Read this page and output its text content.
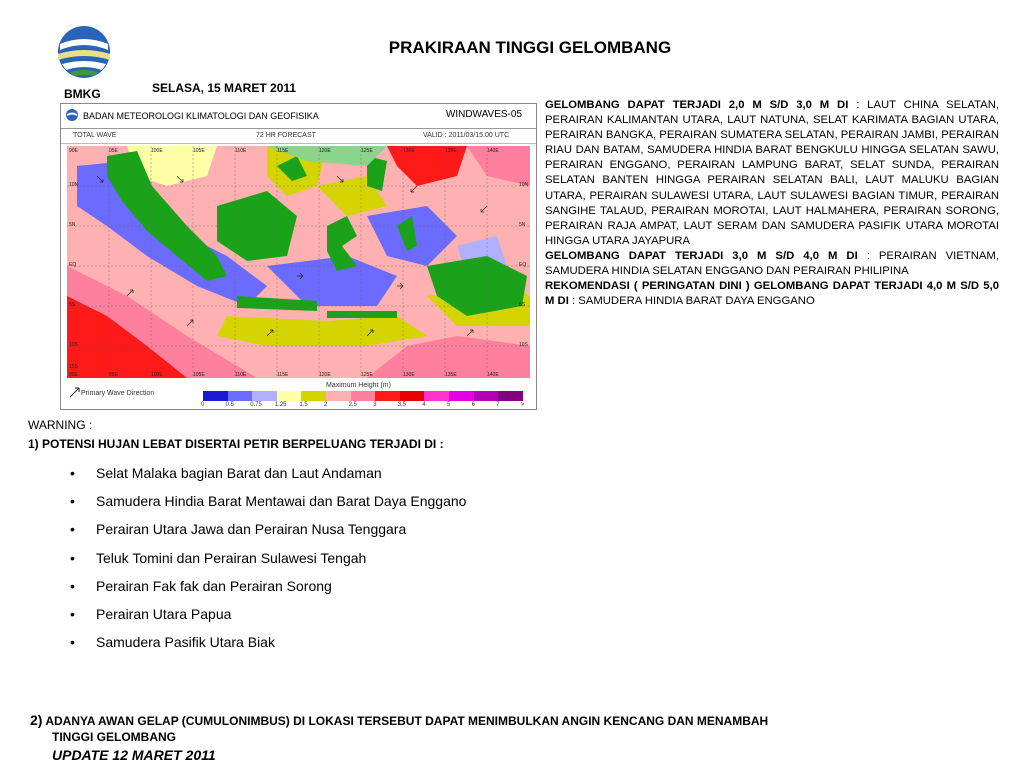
BMKG
PRAKIRAAN TINGGI GELOMBANG
SELASA, 15 MARET 2011
BADAN METEOROLOGI KLIMATOLOGI DAN GEOFISIKA	WINDWAVES-05
TOTAL WAVE	72 HR FORECAST	VALID : 2011/03/15.00 UTC
90E	95E	100E	105E	110E	115E	120E	125E	130E	135E	140E
90E	95E	100E	105E	110E	115E	120E	125E	130E	135E	140E
10N
5N
EQ
5S
10S
15S
10N
5N
EQ
5S
10S
Primary Wave Direction
Maximum Height (m)
0	0.5	0.75 1.25 1.5	2	2.5	3	3.5	4	5	6	7	>

GELOMBANG DAPAT TERJADI 2,0 M S/D 3,0 M DI : LAUT CHINA SELATAN, PERAIRAN KALIMANTAN UTARA, LAUT NATUNA, SELAT KARIMATA BAGIAN UTARA, PERAIRAN BANGKA, PERAIRAN SUMATERA SELATAN, PERAIRAN JAMBI, PERAIRAN RIAU DAN BATAM, SAMUDERA HINDIA BARAT BENGKULU HINGGA SELATAN SAWU, PERAIRAN ENGGANO, PERAIRAN LAMPUNG BARAT, SELAT SUNDA, PERAIRAN SELATAN BANTEN HINGGA PERAIRAN SELATAN BALI, LAUT MALUKU BAGIAN UTARA, PERAIRAN SULAWESI UTARA, LAUT SULAWESI BAGIAN TIMUR, PERAIRAN SANGIHE TALAUD, PERAIRAN MOROTAI, LAUT HALMAHERA, PERAIRAN SORONG, PERAIRAN RAJA AMPAT, LAUT SERAM DAN SAMUDERA PASIFIK UTARA MOROTAI HINGGA UTARA JAYAPURA

GELOMBANG DAPAT TERJADI 3,0 M S/D 4,0 M DI : PERAIRAN VIETNAM, SAMUDERA HINDIA SELATAN ENGGANO DAN PERAIRAN PHILIPINA

REKOMENDASI ( PERINGATAN DINI ) GELOMBANG DAPAT TERJADI 4,0 M S/D 5,0 M DI : SAMUDERA HINDIA BARAT DAYA ENGGANO

WARNING :
1) POTENSI HUJAN LEBAT DISERTAI PETIR BERPELUANG TERJADI DI :
• Selat Malaka bagian Barat dan Laut Andaman
• Samudera Hindia Barat Mentawai dan Barat Daya Enggano
• Perairan Utara Jawa dan Perairan Nusa Tenggara
• Teluk Tomini dan Perairan Sulawesi Tengah
• Perairan Fak fak dan Perairan Sorong
• Perairan Utara Papua
• Samudera Pasifik Utara Biak
2) ADANYA AWAN GELAP (CUMULONIMBUS) DI LOKASI TERSEBUT DAPAT MENIMBULKAN ANGIN KENCANG DAN MENAMBAH
TINGGI GELOMBANG
UPDATE 12 MARET 2011
